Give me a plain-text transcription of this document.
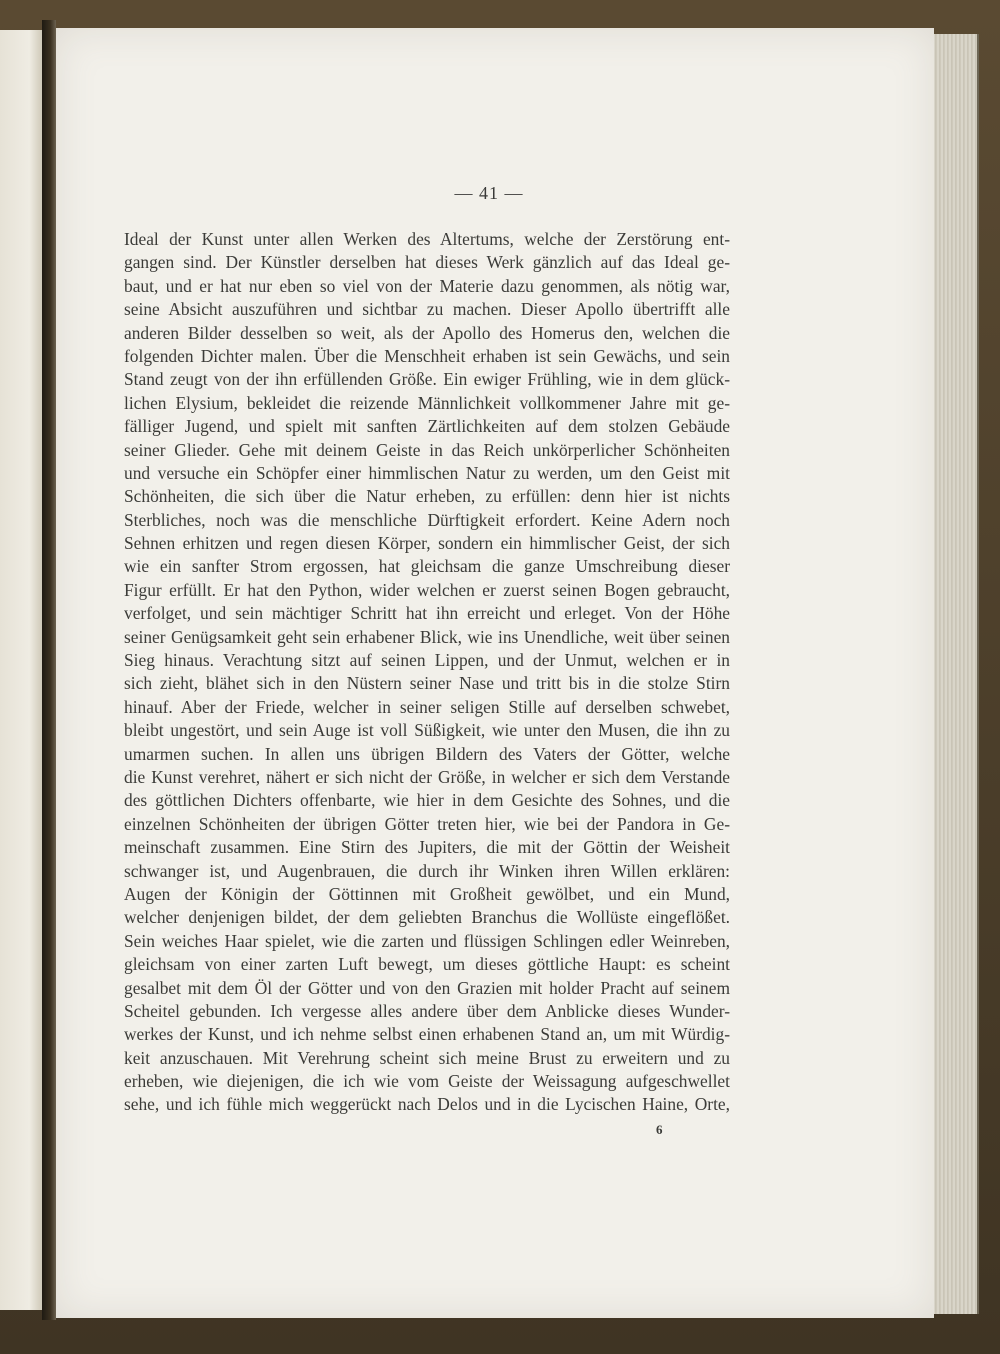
— 41 —
Ideal der Kunst unter allen Werken des Altertums, welche der Zerstörung ent-
gangen sind. Der Künstler derselben hat dieses Werk gänzlich auf das Ideal ge-
baut, und er hat nur eben so viel von der Materie dazu genommen, als nötig war,
seine Absicht auszuführen und sichtbar zu machen. Dieser Apollo übertrifft alle
anderen Bilder desselben so weit, als der Apollo des Homerus den, welchen die
folgenden Dichter malen. Über die Menschheit erhaben ist sein Gewächs, und sein
Stand zeugt von der ihn erfüllenden Größe. Ein ewiger Frühling, wie in dem glück-
lichen Elysium, bekleidet die reizende Männlichkeit vollkommener Jahre mit ge-
fälliger Jugend, und spielt mit sanften Zärtlichkeiten auf dem stolzen Gebäude
seiner Glieder. Gehe mit deinem Geiste in das Reich unkörperlicher Schönheiten
und versuche ein Schöpfer einer himmlischen Natur zu werden, um den Geist mit
Schönheiten, die sich über die Natur erheben, zu erfüllen: denn hier ist nichts
Sterbliches, noch was die menschliche Dürftigkeit erfordert. Keine Adern noch
Sehnen erhitzen und regen diesen Körper, sondern ein himmlischer Geist, der sich
wie ein sanfter Strom ergossen, hat gleichsam die ganze Umschreibung dieser
Figur erfüllt. Er hat den Python, wider welchen er zuerst seinen Bogen gebraucht,
verfolget, und sein mächtiger Schritt hat ihn erreicht und erleget. Von der Höhe
seiner Genügsamkeit geht sein erhabener Blick, wie ins Unendliche, weit über seinen
Sieg hinaus. Verachtung sitzt auf seinen Lippen, und der Unmut, welchen er in
sich zieht, blähet sich in den Nüstern seiner Nase und tritt bis in die stolze Stirn
hinauf. Aber der Friede, welcher in seiner seligen Stille auf derselben schwebet,
bleibt ungestört, und sein Auge ist voll Süßigkeit, wie unter den Musen, die ihn zu
umarmen suchen. In allen uns übrigen Bildern des Vaters der Götter, welche
die Kunst verehret, nähert er sich nicht der Größe, in welcher er sich dem Verstande
des göttlichen Dichters offenbarte, wie hier in dem Gesichte des Sohnes, und die
einzelnen Schönheiten der übrigen Götter treten hier, wie bei der Pandora in Ge-
meinschaft zusammen. Eine Stirn des Jupiters, die mit der Göttin der Weisheit
schwanger ist, und Augenbrauen, die durch ihr Winken ihren Willen erklären:
Augen der Königin der Göttinnen mit Großheit gewölbet, und ein Mund,
welcher denjenigen bildet, der dem geliebten Branchus die Wollüste eingeflößet.
Sein weiches Haar spielet, wie die zarten und flüssigen Schlingen edler Weinreben,
gleichsam von einer zarten Luft bewegt, um dieses göttliche Haupt: es scheint
gesalbet mit dem Öl der Götter und von den Grazien mit holder Pracht auf seinem
Scheitel gebunden. Ich vergesse alles andere über dem Anblicke dieses Wunder-
werkes der Kunst, und ich nehme selbst einen erhabenen Stand an, um mit Würdig-
keit anzuschauen. Mit Verehrung scheint sich meine Brust zu erweitern und zu
erheben, wie diejenigen, die ich wie vom Geiste der Weissagung aufgeschwellet
sehe, und ich fühle mich weggerückt nach Delos und in die Lycischen Haine, Orte,
6
